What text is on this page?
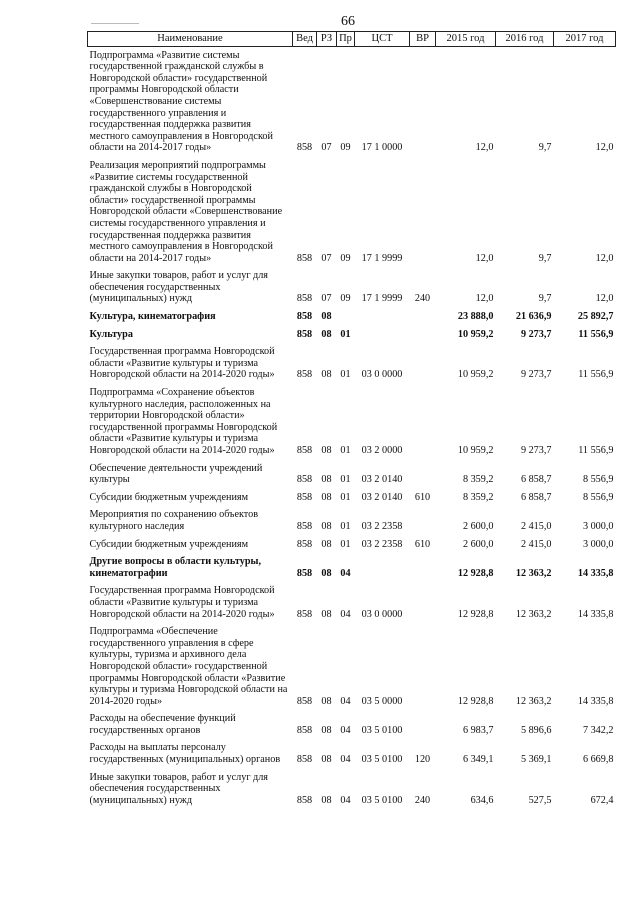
66
Наименование	Вед	РЗ	Пр	ЦСТ	ВР	2015 год	2016 год	2017 год
Подпрограмма «Развитие системы государственной гражданской службы в Новгородской области» государственной программы Новгородской области «Совершенствование системы государственного управления и государственная поддержка развития местного самоуправления в Новгородской области на 2014-2017 годы»	858	07	09	17 1 0000		12,0	9,7	12,0
Реализация мероприятий подпрограммы «Развитие системы государственной гражданской службы в Новгородской области» государственной программы Новгородской области «Совершенствование системы государственного управления и государственная поддержка развития местного самоуправления в Новгородской области на 2014-2017 годы»	858	07	09	17 1 9999		12,0	9,7	12,0
Иные закупки товаров, работ и услуг для обеспечения государственных (муниципальных) нужд	858	07	09	17 1 9999	240	12,0	9,7	12,0
Культура, кинематография	858	08				23 888,0	21 636,9	25 892,7
Культура	858	08	01			10 959,2	9 273,7	11 556,9
Государственная программа Новгородской области «Развитие культуры и туризма Новгородской области на 2014-2020 годы»	858	08	01	03 0 0000		10 959,2	9 273,7	11 556,9
Подпрограмма «Сохранение объектов культурного наследия, расположенных на территории Новгородской области» государственной программы Новгородской области «Развитие культуры и туризма Новгородской области на 2014-2020 годы»	858	08	01	03 2 0000		10 959,2	9 273,7	11 556,9
Обеспечение деятельности учреждений культуры	858	08	01	03 2 0140		8 359,2	6 858,7	8 556,9
Субсидии бюджетным учреждениям	858	08	01	03 2 0140	610	8 359,2	6 858,7	8 556,9
Мероприятия по сохранению объектов культурного наследия	858	08	01	03 2 2358		2 600,0	2 415,0	3 000,0
Субсидии бюджетным учреждениям	858	08	01	03 2 2358	610	2 600,0	2 415,0	3 000,0
Другие вопросы в области культуры, кинематографии	858	08	04			12 928,8	12 363,2	14 335,8
Государственная программа Новгородской области «Развитие культуры и туризма Новгородской области на 2014-2020 годы»	858	08	04	03 0 0000		12 928,8	12 363,2	14 335,8
Подпрограмма «Обеспечение государственного управления в сфере культуры, туризма и архивного дела Новгородской области» государственной программы Новгородской области «Развитие культуры и туризма Новгородской области на 2014-2020 годы»	858	08	04	03 5 0000		12 928,8	12 363,2	14 335,8
Расходы на обеспечение функций государственных органов	858	08	04	03 5 0100		6 983,7	5 896,6	7 342,2
Расходы на выплаты персоналу государственных (муниципальных) органов	858	08	04	03 5 0100	120	6 349,1	5 369,1	6 669,8
Иные закупки товаров, работ и услуг для обеспечения государственных (муниципальных) нужд	858	08	04	03 5 0100	240	634,6	527,5	672,4
